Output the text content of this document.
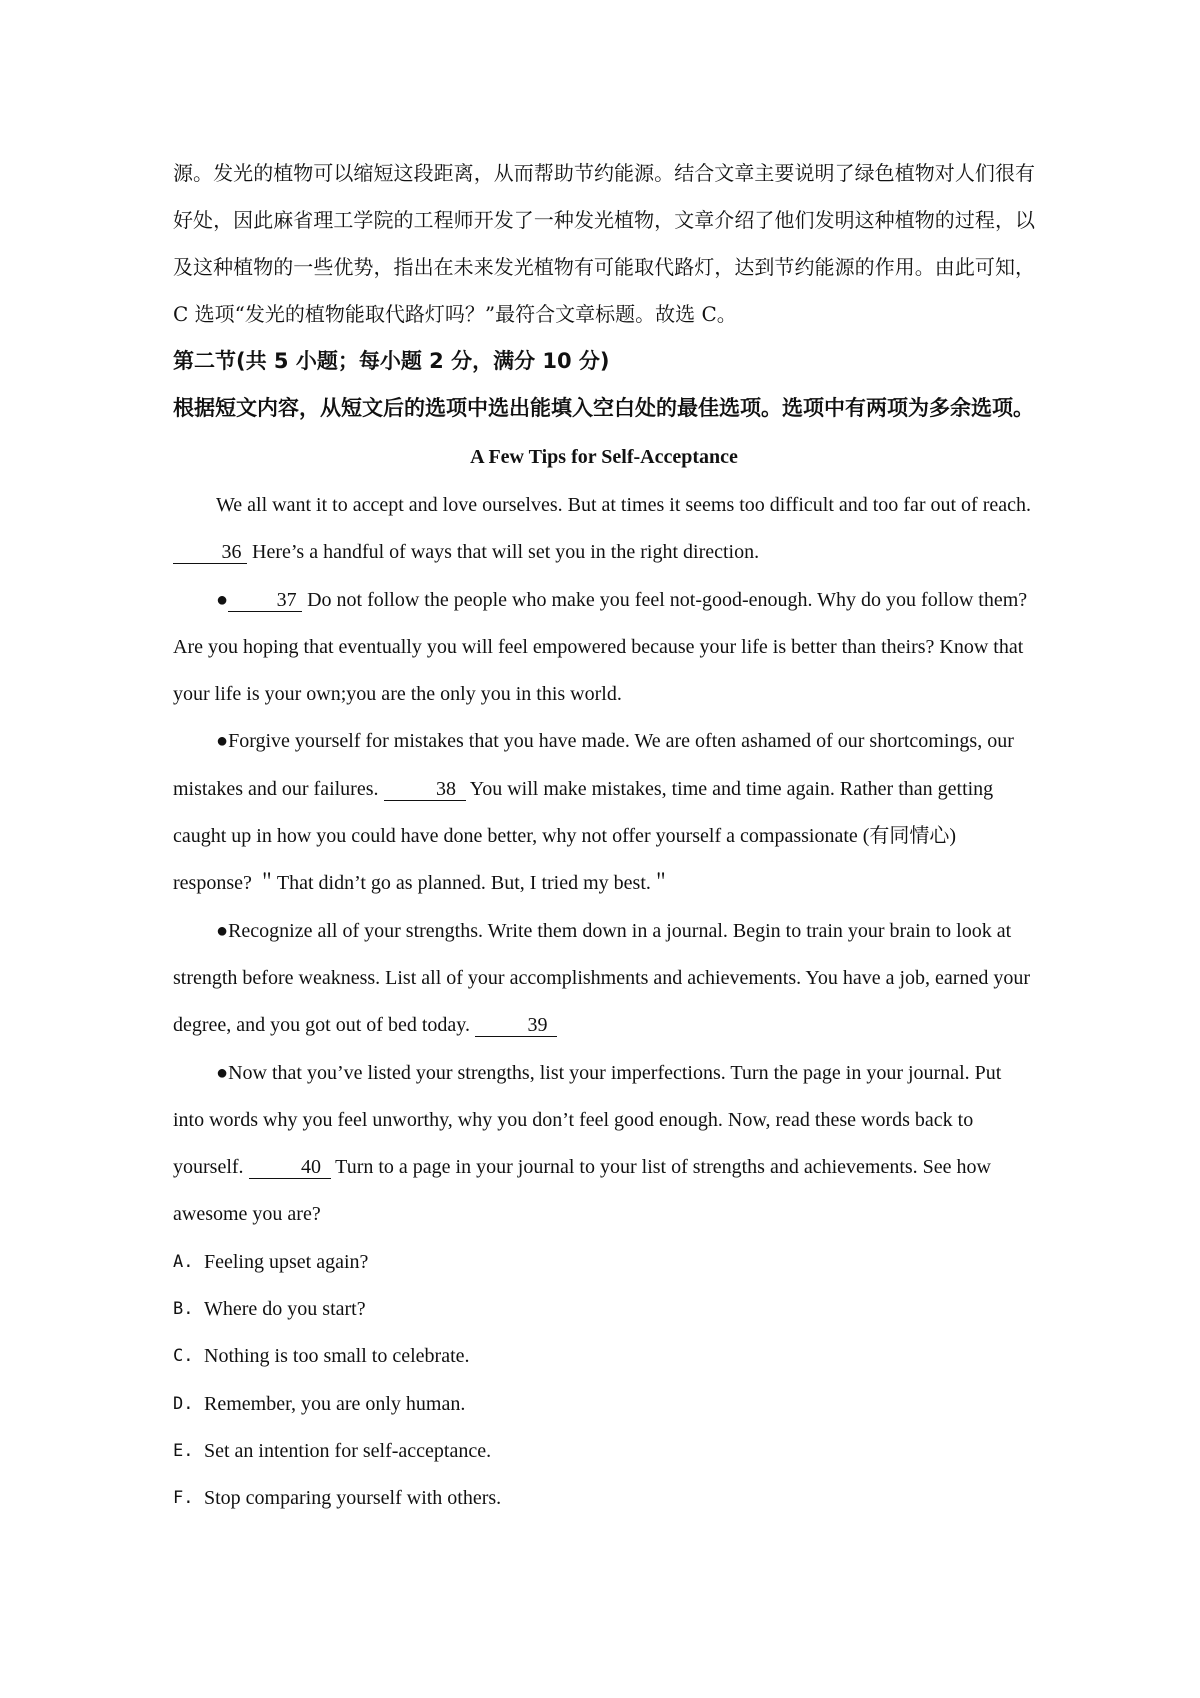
源。发光的植物可以缩短这段距离，从而帮助节约能源。结合文章主要说明了绿色植物对人们很有好处，因此麻省理工学院的工程师开发了一种发光植物，文章介绍了他们发明这种植物的过程，以及这种植物的一些优势，指出在未来发光植物有可能取代路灯，达到节约能源的作用。由此可知，C 选项“发光的植物能取代路灯吗？”最符合文章标题。故选 C。

第二节(共 5 小题；每小题 2 分，满分 10 分)

根据短文内容，从短文后的选项中选出能填入空白处的最佳选项。选项中有两项为多余选项。

A Few Tips for Self-Acceptance

We all want it to accept and love ourselves. But at times it seems too difficult and too far out of reach. 36 Here’s a handful of ways that will set you in the right direction.

● 37 Do not follow the people who make you feel not-good-enough. Why do you follow them? Are you hoping that eventually you will feel empowered because your life is better than theirs? Know that your life is your own;you are the only you in this world.

●Forgive yourself for mistakes that you have made. We are often ashamed of our shortcomings, our mistakes and our failures.	38 You will make mistakes, time and time again. Rather than getting caught up in how you could have done better, why not offer yourself a compassionate (有同情心) response? ＂That didn’t go as planned. But, I tried my best.＂

●Recognize all of your strengths. Write them down in a journal. Begin to train your brain to look at strength before weakness. List all of your accomplishments and achievements. You have a job, earned your degree, and you got out of bed today.	39

●Now that you’ve listed your strengths, list your imperfections. Turn the page in your journal. Put into words why you feel unworthy, why you don’t feel good enough. Now, read these words back to yourself.	40 Turn to a page in your journal to your list of strengths and achievements. See how awesome you are?

A. Feeling upset again?
B. Where do you start?
C. Nothing is too small to celebrate.
D. Remember, you are only human.
E. Set an intention for self-acceptance.
F. Stop comparing yourself with others.
